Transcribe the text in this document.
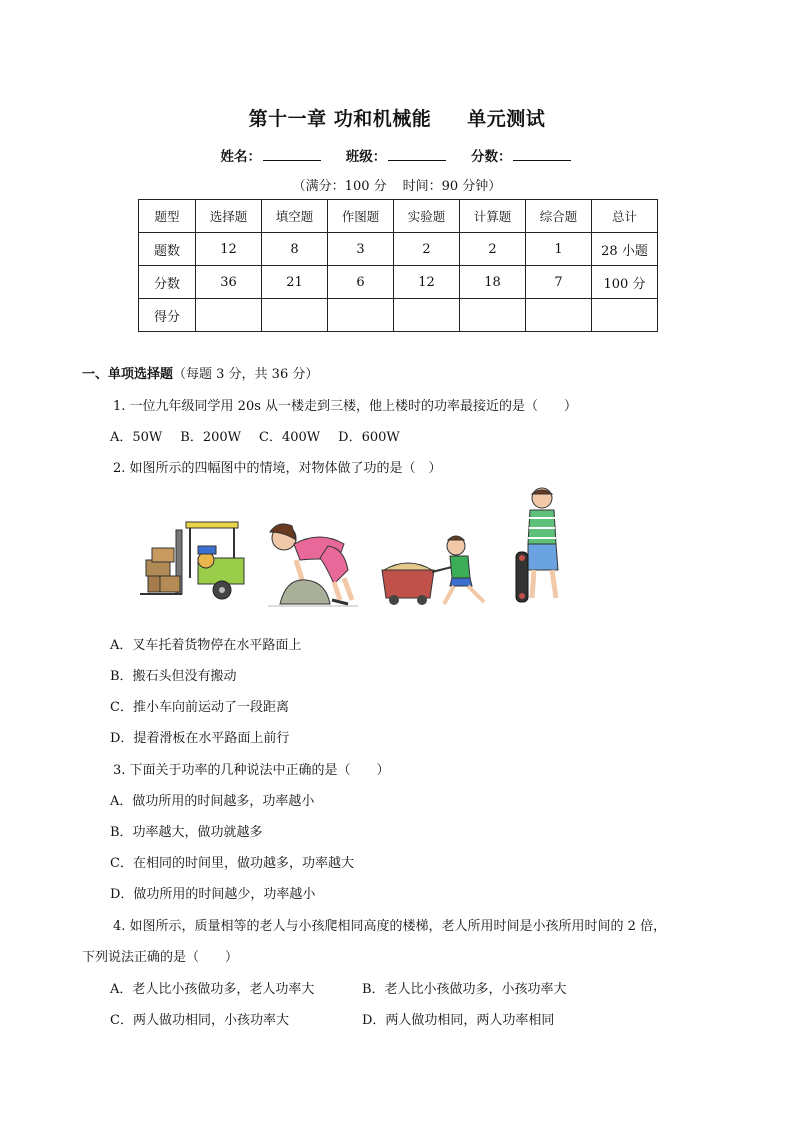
第十一章 功和机械能 单元测试
姓名：	班级：	分数：
（满分：100 分 时间：90 分钟）
题型	选择题	填空题	作图题	实验题	计算题	综合题	总计
题数	12	8	3	2	2	1	28 小题
分数	36	21	6	12	18	7	100 分
得分							
一、单项选择题（每题 3 分，共 36 分）
1. 一位九年级同学用 20s 从一楼走到三楼，他上楼时的功率最接近的是（　　）
A．50W B．200W C．400W D．600W
2. 如图所示的四幅图中的情境，对物体做了功的是（　）
A．叉车托着货物停在水平路面上
B．搬石头但没有搬动
C．推小车向前运动了一段距离
D．提着滑板在水平路面上前行
3. 下面关于功率的几种说法中正确的是（　　）
A．做功所用的时间越多，功率越小
B．功率越大，做功就越多
C．在相同的时间里，做功越多，功率越大
D．做功所用的时间越少，功率越小
4. 如图所示，质量相等的老人与小孩爬相同高度的楼梯，老人所用时间是小孩所用时间的 2 倍，
下列说法正确的是（　　）
A．老人比小孩做功多，老人功率大	B．老人比小孩做功多，小孩功率大
C．两人做功相同，小孩功率大	D．两人做功相同，两人功率相同
